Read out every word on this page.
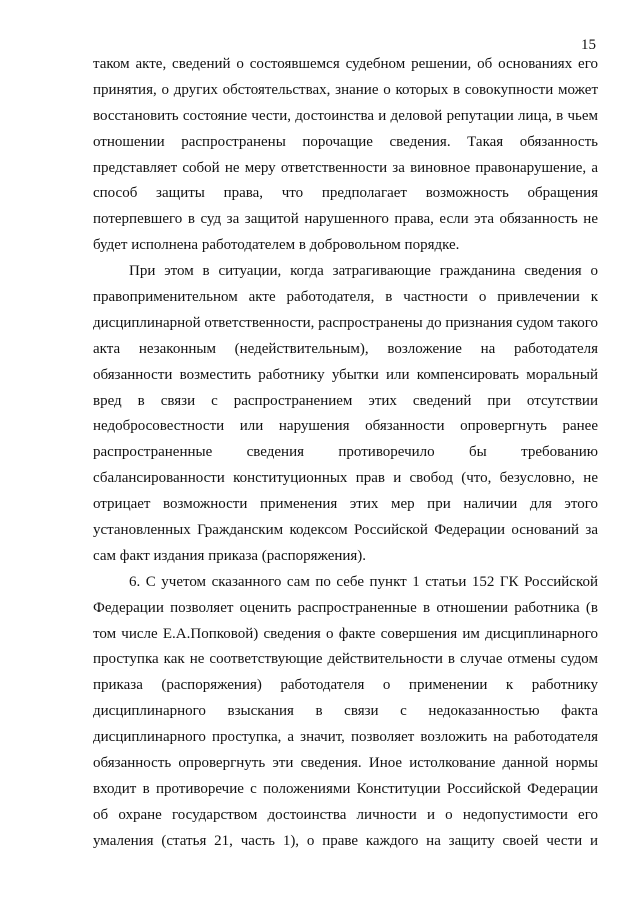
15
таком акте, сведений о состоявшемся судебном решении, об основаниях его
принятия, о других обстоятельствах, знание о которых в совокупности может
восстановить состояние чести, достоинства и деловой репутации лица, в чьем
отношении распространены порочащие сведения. Такая обязанность
представляет собой не меру ответственности за виновное правонарушение, а
способ защиты права, что предполагает возможность обращения
потерпевшего в суд за защитой нарушенного права, если эта обязанность не
будет исполнена работодателем в добровольном порядке.
При этом в ситуации, когда затрагивающие гражданина сведения о
правоприменительном акте работодателя, в частности о привлечении к
дисциплинарной ответственности, распространены до признания судом такого
акта незаконным (недействительным), возложение на работодателя
обязанности возместить работнику убытки или компенсировать моральный
вред в связи с распространением этих сведений при отсутствии
недобросовестности или нарушения обязанности опровергнуть ранее
распространенные сведения противоречило бы требованию
сбалансированности конституционных прав и свобод (что, безусловно, не
отрицает возможности применения этих мер при наличии для этого
установленных Гражданским кодексом Российской Федерации оснований за
сам факт издания приказа (распоряжения).
6. С учетом сказанного сам по себе пункт 1 статьи 152 ГК Российской
Федерации позволяет оценить распространенные в отношении работника (в
том числе Е.А.Попковой) сведения о факте совершения им дисциплинарного
проступка как не соответствующие действительности в случае отмены судом
приказа (распоряжения) работодателя о применении к работнику
дисциплинарного взыскания в связи с недоказанностью факта
дисциплинарного проступка, а значит, позволяет возложить на работодателя
обязанность опровергнуть эти сведения. Иное истолкование данной нормы
входит в противоречие с положениями Конституции Российской Федерации
об охране государством достоинства личности и о недопустимости его
умаления (статья 21, часть 1), о праве каждого на защиту своей чести и
